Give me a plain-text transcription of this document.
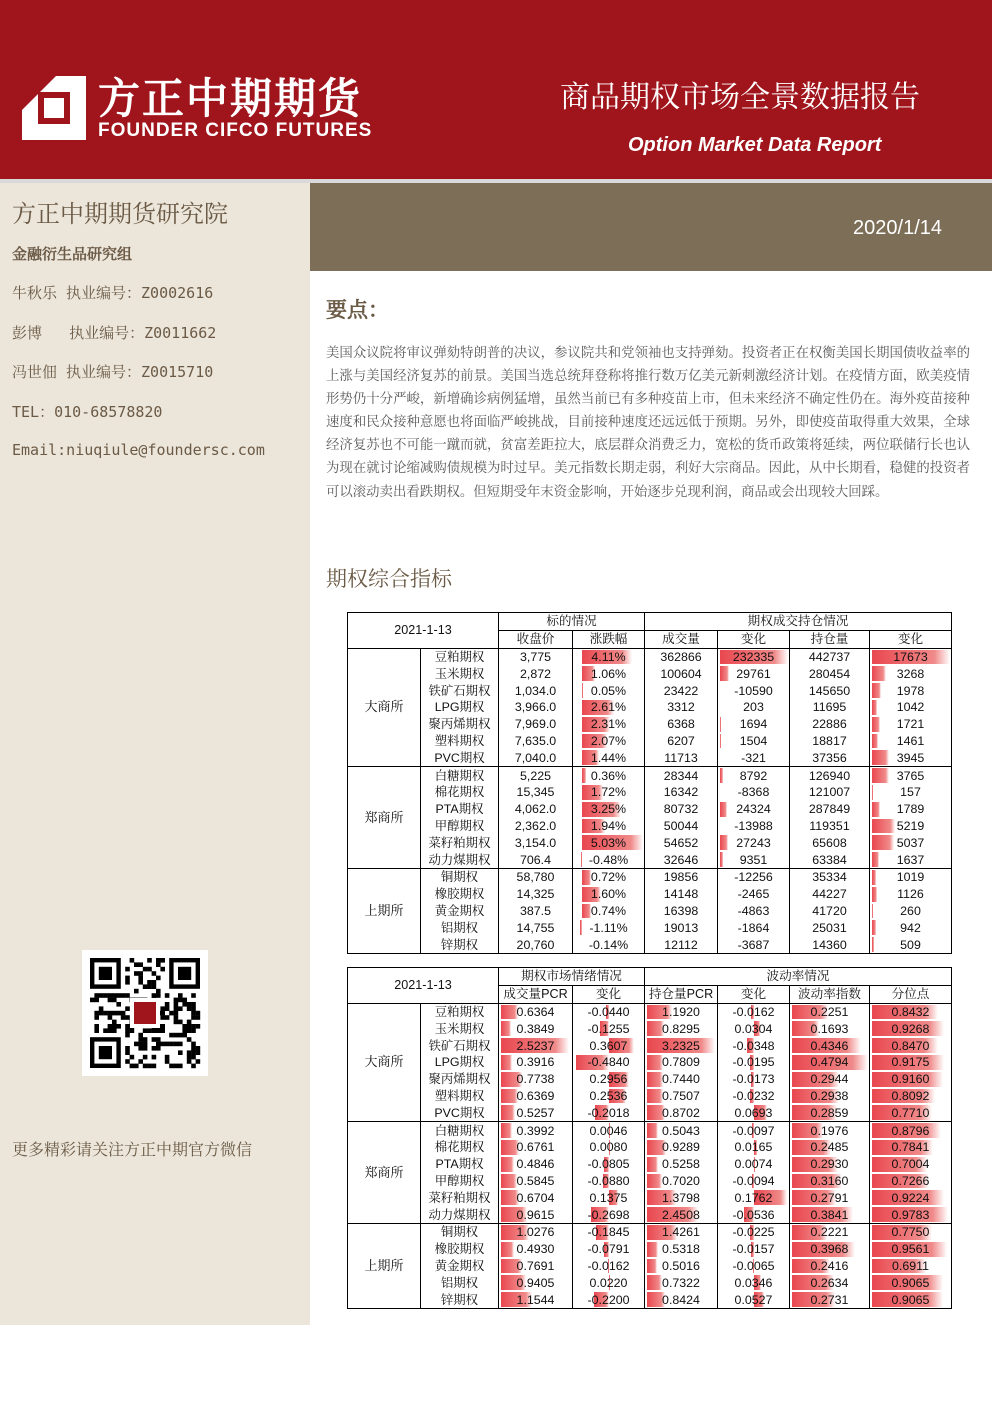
方正中期期货
FOUNDER CIFCO FUTURES
商品期权市场全景数据报告
Option Market Data Report
方正中期期货研究院
金融衍生品研究组
牛秋乐 执业编号：Z0002616
彭博   执业编号：Z0011662
冯世佃 执业编号：Z0015710
TEL：010-68578820
Email:niuqiule@foundersc.com
更多精彩请关注方正中期官方微信
2020/1/14
要点：
美国众议院将审议弹劾特朗普的决议，参议院共和党领袖也支持弹劾。投资者正在权衡美国长期国债收益率的上涨与美国经济复苏的前景。美国当选总统拜登称将推行数万亿美元新刺激经济计划。在疫情方面，欧美疫情形势仍十分严峻，新增确诊病例猛增，虽然当前已有多种疫苗上市，但未来经济不确定性仍在。海外疫苗接种速度和民众接种意愿也将面临严峻挑战，目前接种速度还远远低于预期。另外，即使疫苗取得重大效果，全球经济复苏也不可能一蹴而就，贫富差距拉大，底层群众消费乏力，宽松的货币政策将延续，两位联储行长也认为现在就讨论缩减购债规模为时过早。美元指数长期走弱，利好大宗商品。因此，从中长期看，稳健的投资者可以滚动卖出看跌期权。但短期受年末资金影响，开始逐步兑现利润，商品或会出现较大回踩。
期权综合指标
2021-1-13		标的情况		期权成交持仓情况			
		收盘价	涨跌幅	成交量	变化	持仓量	变化
大商所	豆粕期权	3,775	4.11%	362866	232335	442737	17673
	玉米期权	2,872	1.06%	100604	29761	280454	3268
	铁矿石期权	1,034.0	0.05%	23422	-10590	145650	1978
	LPG期权	3,966.0	2.61%	3312	203	11695	1042
	聚丙烯期权	7,969.0	2.31%	6368	1694	22886	1721
	塑料期权	7,635.0	2.07%	6207	1504	18817	1461
	PVC期权	7,040.0	1.44%	11713	-321	37356	3945
郑商所	白糖期权	5,225	0.36%	28344	8792	126940	3765
	棉花期权	15,345	1.72%	16342	-8368	121007	157
	PTA期权	4,062.0	3.25%	80732	24324	287849	1789
	甲醇期权	2,362.0	1.94%	50044	-13988	119351	5219
	菜籽粕期权	3,154.0	5.03%	54652	27243	65608	5037
	动力煤期权	706.4	-0.48%	32646	9351	63384	1637
上期所	铜期权	58,780	0.72%	19856	-12256	35334	1019
	橡胶期权	14,325	1.60%	14148	-2465	44227	1126
	黄金期权	387.5	0.74%	16398	-4863	41720	260
	铝期权	14,755	-1.11%	19013	-1864	25031	942
	锌期权	20,760	-0.14%	12112	-3687	14360	509
2021-1-13		期权市场情绪情况		波动率情况			
		成交量PCR	变化	持仓量PCR	变化	波动率指数	分位点
大商所	豆粕期权	0.6364	-0.0440	1.1920	-0.0162	0.2251	0.8432
	玉米期权	0.3849	-0.1255	0.8295	0.0304	0.1693	0.9268
	铁矿石期权	2.5237	0.3607	3.2325	-0.0348	0.4346	0.8470
	LPG期权	0.3916	-0.4840	0.7809	-0.0195	0.4794	0.9175
	聚丙烯期权	0.7738	0.2956	0.7440	-0.0173	0.2944	0.9160
	塑料期权	0.6369	0.2536	0.7507	-0.0232	0.2938	0.8092
	PVC期权	0.5257	-0.2018	0.8702	0.0693	0.2859	0.7710
郑商所	白糖期权	0.3992	0.0046	0.5043	-0.0097	0.1976	0.8796
	棉花期权	0.6761	0.0080	0.9289	0.0165	0.2485	0.7841
	PTA期权	0.4846	-0.0805	0.5258	0.0074	0.2930	0.7004
	甲醇期权	0.5845	-0.0880	0.7020	-0.0094	0.3160	0.7266
	菜籽粕期权	0.6704	0.1375	1.3798	0.1762	0.2791	0.9224
	动力煤期权	0.9615	-0.2698	2.4508	-0.0536	0.3841	0.9783
上期所	铜期权	1.0276	-0.1845	1.4261	-0.0225	0.2221	0.7750
	橡胶期权	0.4930	-0.0791	0.5318	-0.0157	0.3968	0.9561
	黄金期权	0.7691	-0.0162	0.5016	-0.0065	0.2416	0.6911
	铝期权	0.9405	0.0220	0.7322	0.0346	0.2634	0.9065
	锌期权	1.1544	-0.2200	0.8424	0.0527	0.2731	0.9065
